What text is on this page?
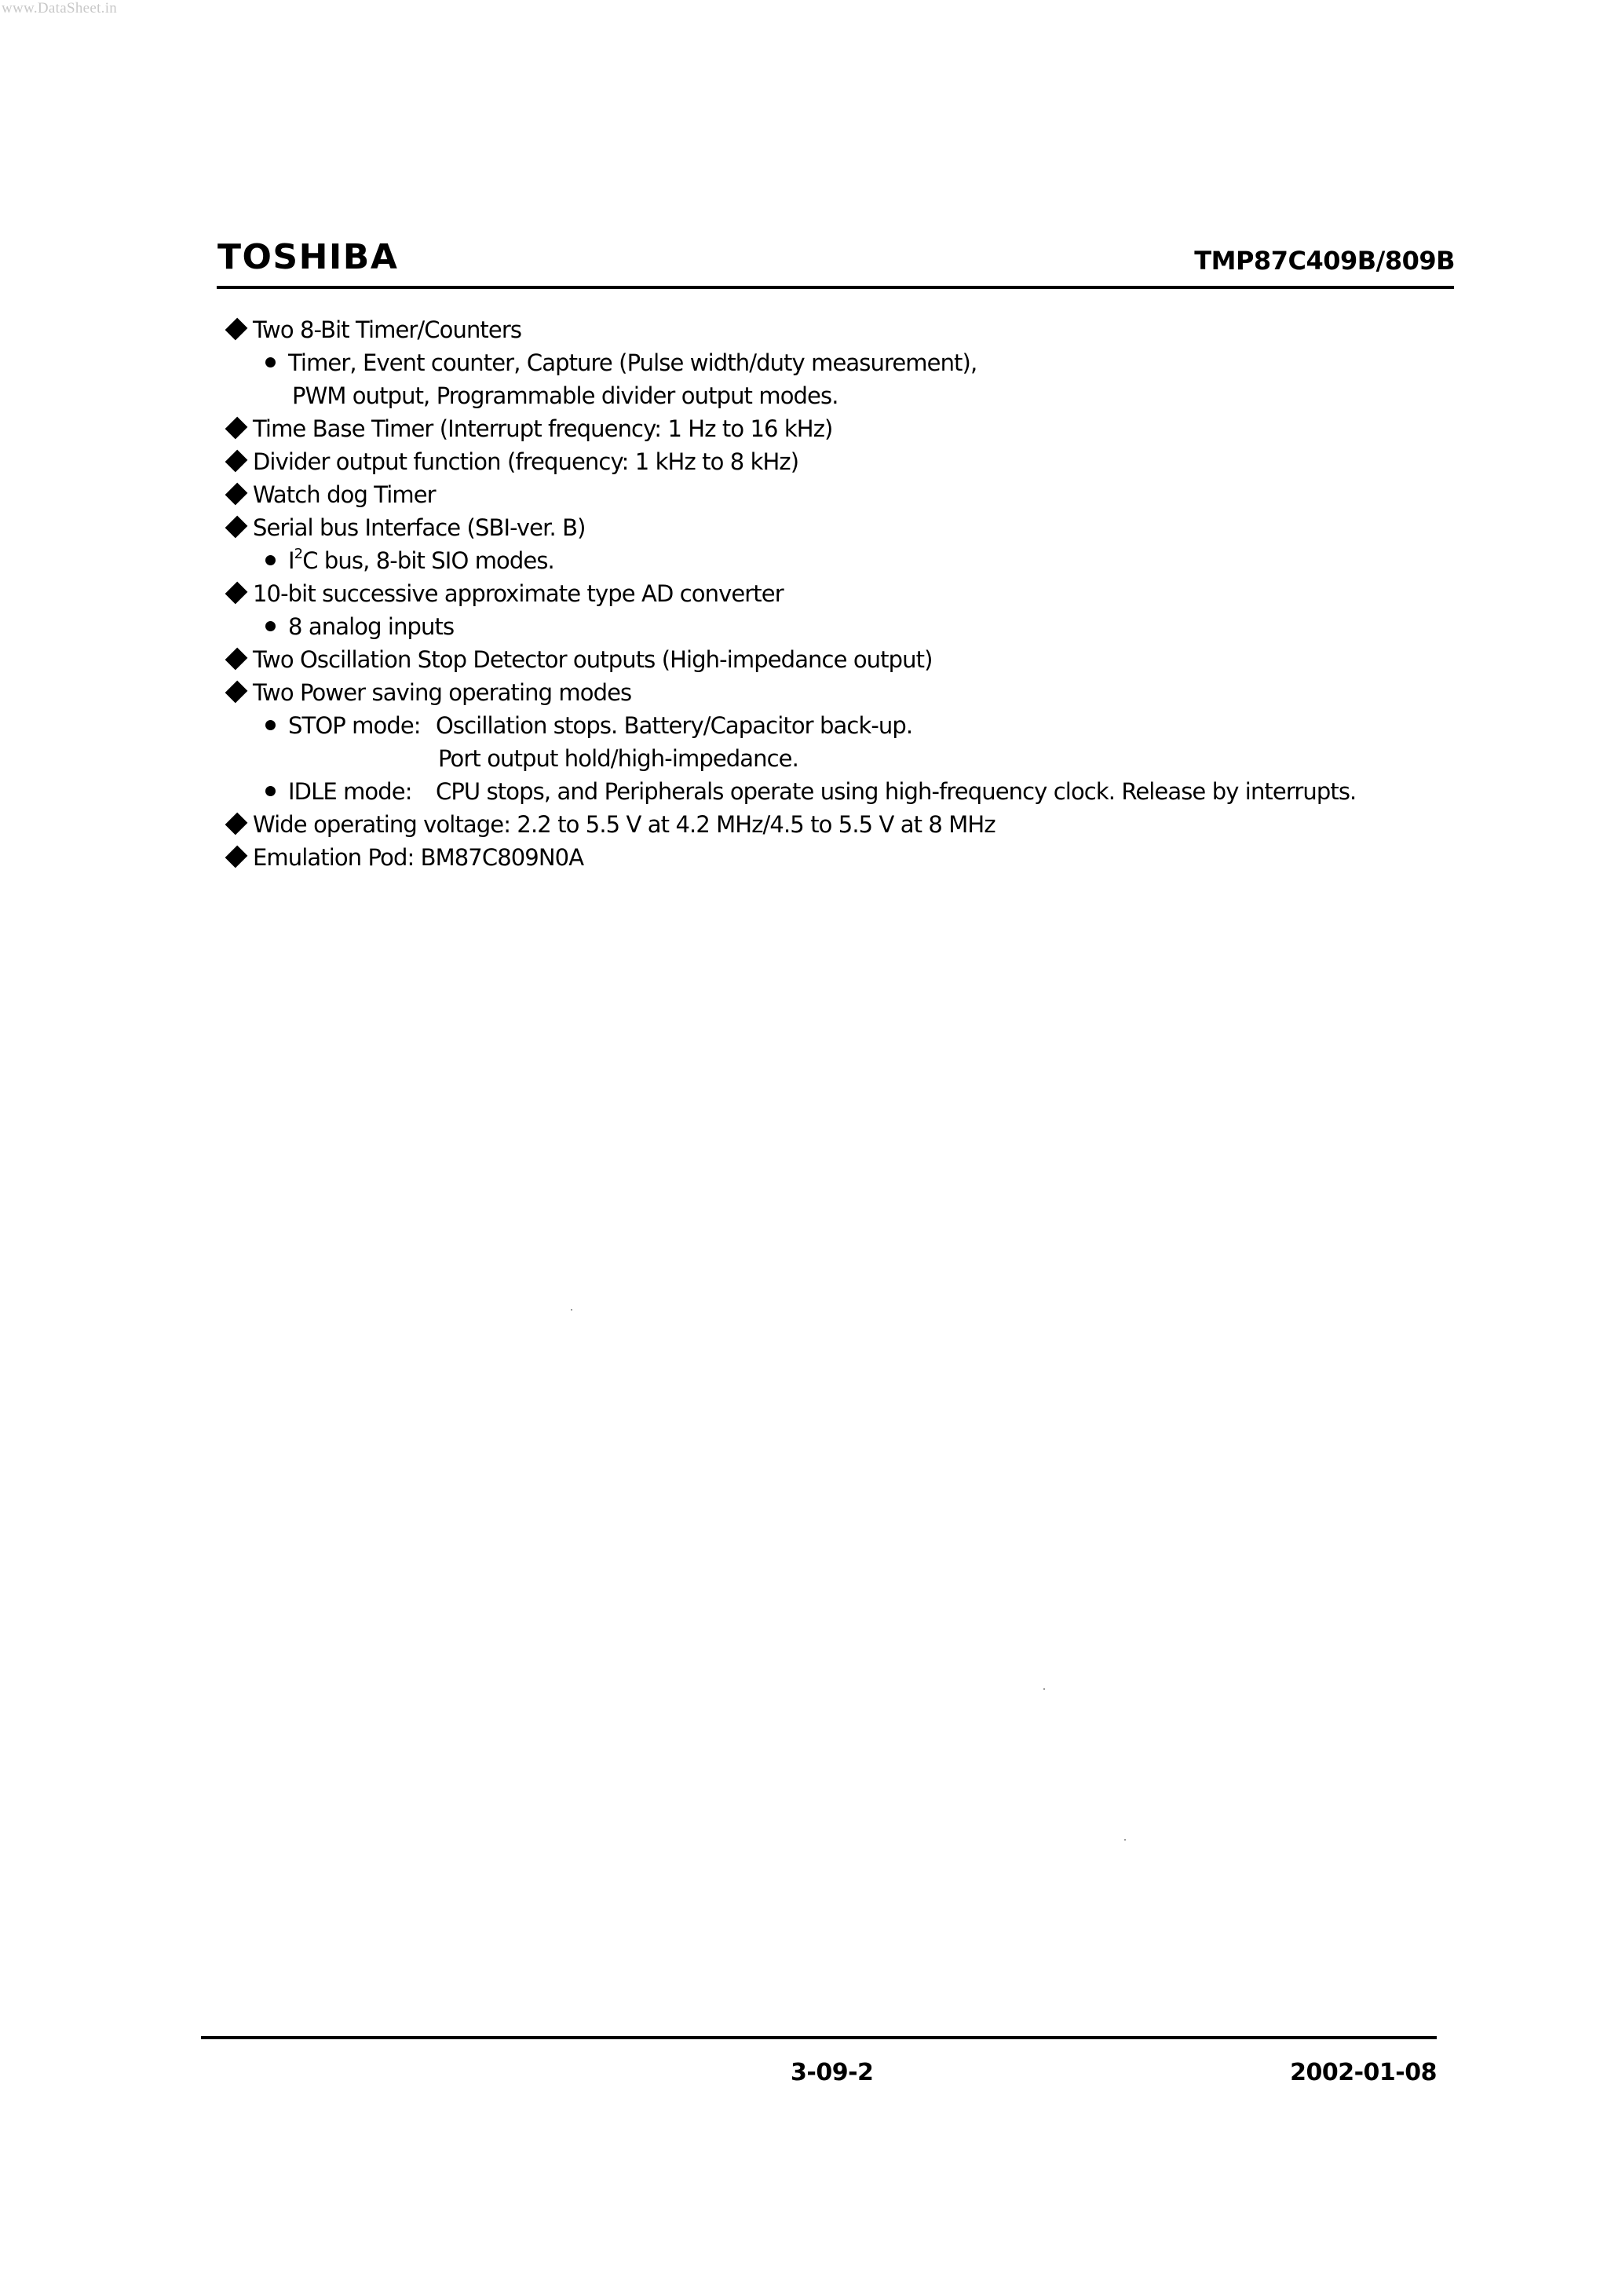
www.DataSheet.in
TOSHIBA	TMP87C409B/809B
Two 8-Bit Timer/Counters
Timer, Event counter, Capture (Pulse width/duty measurement),
PWM output, Programmable divider output modes.
Time Base Timer (Interrupt frequency: 1 Hz to 16 kHz)
Divider output function (frequency: 1 kHz to 8 kHz)
Watch dog Timer
Serial bus Interface (SBI-ver. B)
$I^2C$ bus, 8-bit SIO modes.
10-bit successive approximate type AD converter
8 analog inputs
Two Oscillation Stop Detector outputs (High-impedance output)
Two Power saving operating modes
STOP mode: Oscillation stops. Battery/Capacitor back-up.
Port output hold/high-impedance.
IDLE mode: CPU stops, and Peripherals operate using high-frequency clock. Release by interrupts.
Wide operating voltage: 2.2 to 5.5 V at 4.2 MHz/4.5 to 5.5 V at 8 MHz
Emulation Pod: BM87C809N0A
3-09-2	2002-01-08
